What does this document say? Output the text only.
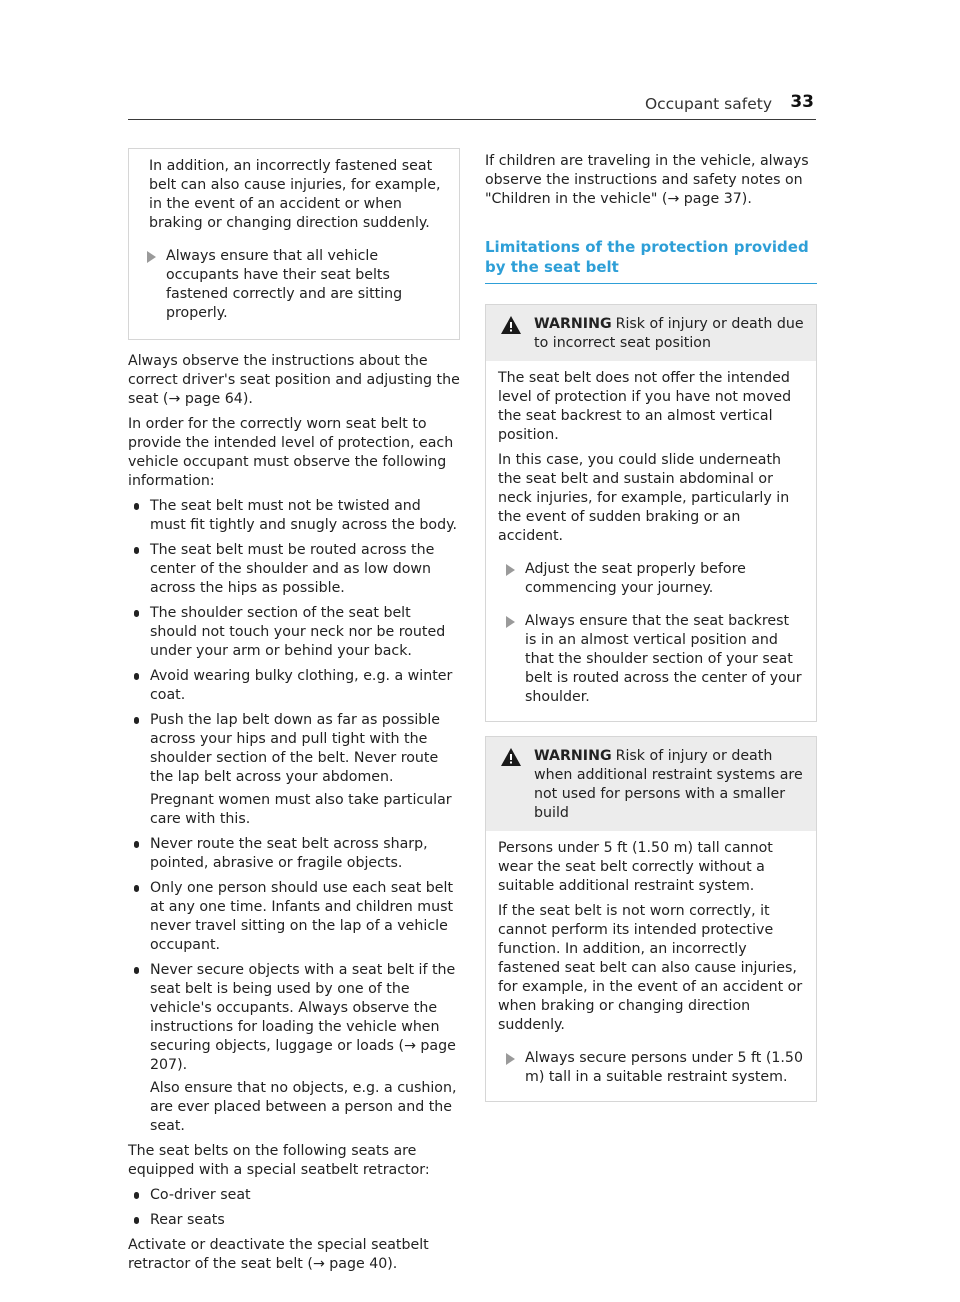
Occupant safety 33

In addition, an incorrectly fastened seat belt can also cause injuries, for example, in the event of an accident or when braking or changing direction suddenly.

Always ensure that all vehicle occupants have their seat belts fastened correctly and are sitting properly.

Always observe the instructions about the correct driver's seat position and adjusting the seat (→ page 64).

In order for the correctly worn seat belt to provide the intended level of protection, each vehicle occupant must observe the following information:

The seat belt must not be twisted and must fit tightly and snugly across the body.
The seat belt must be routed across the center of the shoulder and as low down across the hips as possible.
The shoulder section of the seat belt should not touch your neck nor be routed under your arm or behind your back.
Avoid wearing bulky clothing, e.g. a winter coat.
Push the lap belt down as far as possible across your hips and pull tight with the shoulder section of the belt. Never route the lap belt across your abdomen.
Pregnant women must also take particular care with this.
Never route the seat belt across sharp, pointed, abrasive or fragile objects.
Only one person should use each seat belt at any one time. Infants and children must never travel sitting on the lap of a vehicle occupant.
Never secure objects with a seat belt if the seat belt is being used by one of the vehicle's occupants. Always observe the instructions for loading the vehicle when securing objects, luggage or loads (→ page 207).
Also ensure that no objects, e.g. a cushion, are ever placed between a person and the seat.

The seat belts on the following seats are equipped with a special seatbelt retractor:

Co-driver seat
Rear seats

Activate or deactivate the special seatbelt retractor of the seat belt (→ page 40).

If children are traveling in the vehicle, always observe the instructions and safety notes on "Children in the vehicle" (→ page 37).

Limitations of the protection provided by the seat belt
WARNING Risk of injury or death due to incorrect seat position

The seat belt does not offer the intended level of protection if you have not moved the seat backrest to an almost vertical position.

In this case, you could slide underneath the seat belt and sustain abdominal or neck injuries, for example, particularly in the event of sudden braking or an accident.

Adjust the seat properly before commencing your journey.
Always ensure that the seat backrest is in an almost vertical position and that the shoulder section of your seat belt is routed across the center of your shoulder.
WARNING Risk of injury or death when additional restraint systems are not used for persons with a smaller build

Persons under 5 ft (1.50 m) tall cannot wear the seat belt correctly without a suitable additional restraint system.

If the seat belt is not worn correctly, it cannot perform its intended protective function. In addition, an incorrectly fastened seat belt can also cause injuries, for example, in the event of an accident or when braking or changing direction suddenly.

Always secure persons under 5 ft (1.50 m) tall in a suitable restraint system.
